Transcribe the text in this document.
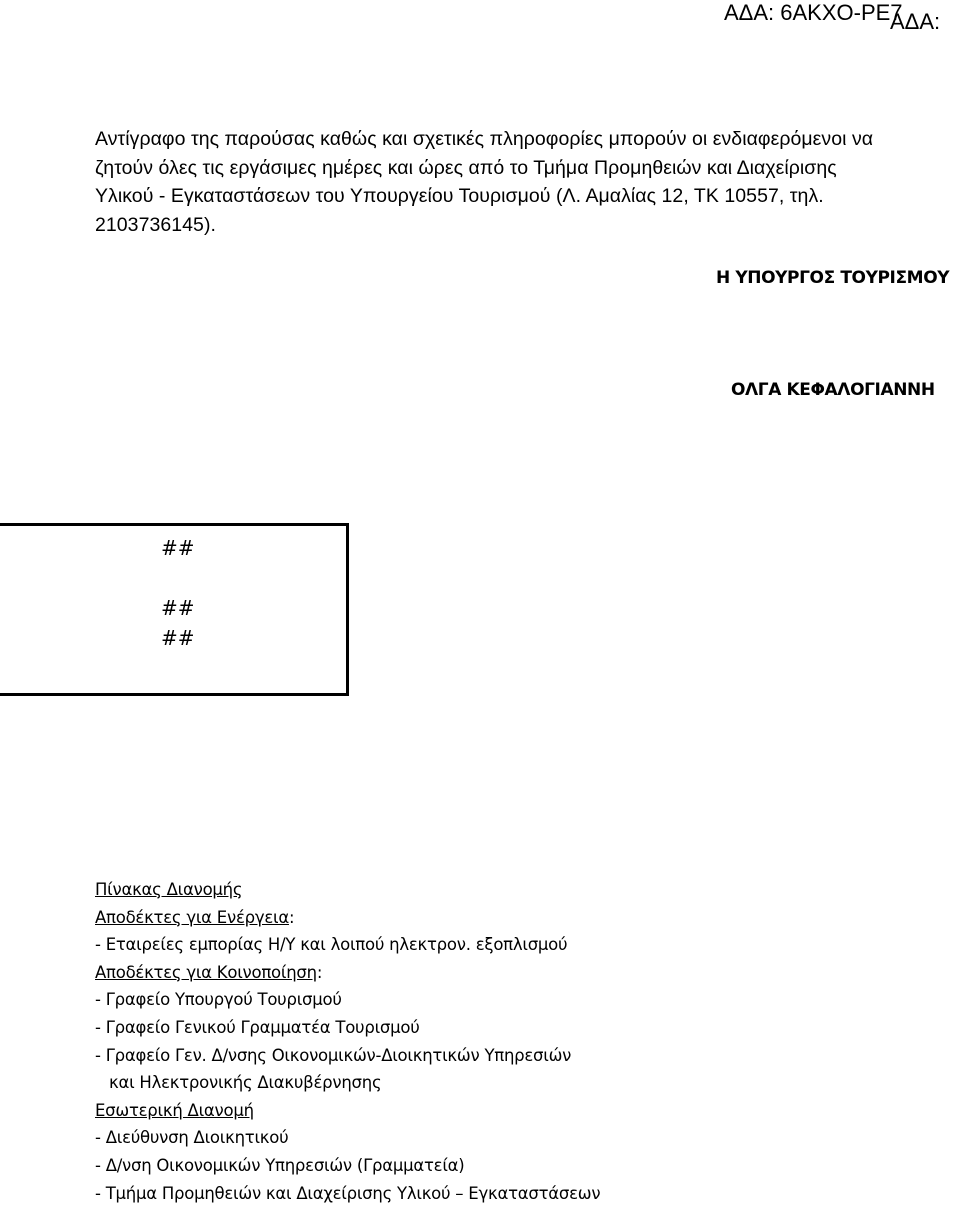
ΑΔΑ: 6ΑΚΧΟ-ΡΕ7
ΑΔΑ:
Αντίγραφο της παρούσας καθώς και σχετικές πληροφορίες μπορούν οι ενδιαφερόμενοι να
ζητούν όλες τις εργάσιμες ημέρες και ώρες από το Τμήμα Προμηθειών και Διαχείρισης
Υλικού - Εγκαταστάσεων του Υπουργείου Τουρισμού (Λ. Αμαλίας 12, ΤΚ 10557, τηλ.
2103736145).
Η ΥΠΟΥΡΓΟΣ ΤΟΥΡΙΣΜΟΥ
ΟΛΓΑ ΚΕΦΑΛΟΓΙΑΝΝΗ
##
##
##
Πίνακας Διανομής
Αποδέκτες για Ενέργεια:
- Εταιρείες εμπορίας Η/Υ και λοιπού ηλεκτρον. εξοπλισμού
Αποδέκτες για Κοινοποίηση:
- Γραφείο Υπουργού Τουρισμού
- Γραφείο Γενικού Γραμματέα Τουρισμού
- Γραφείο Γεν. Δ/νσης Οικονομικών-Διοικητικών Υπηρεσιών
και Ηλεκτρονικής Διακυβέρνησης
Εσωτερική Διανομή
- Διεύθυνση Διοικητικού
- Δ/νση Οικονομικών Υπηρεσιών (Γραμματεία)
- Τμήμα Προμηθειών και Διαχείρισης Υλικού – Εγκαταστάσεων
